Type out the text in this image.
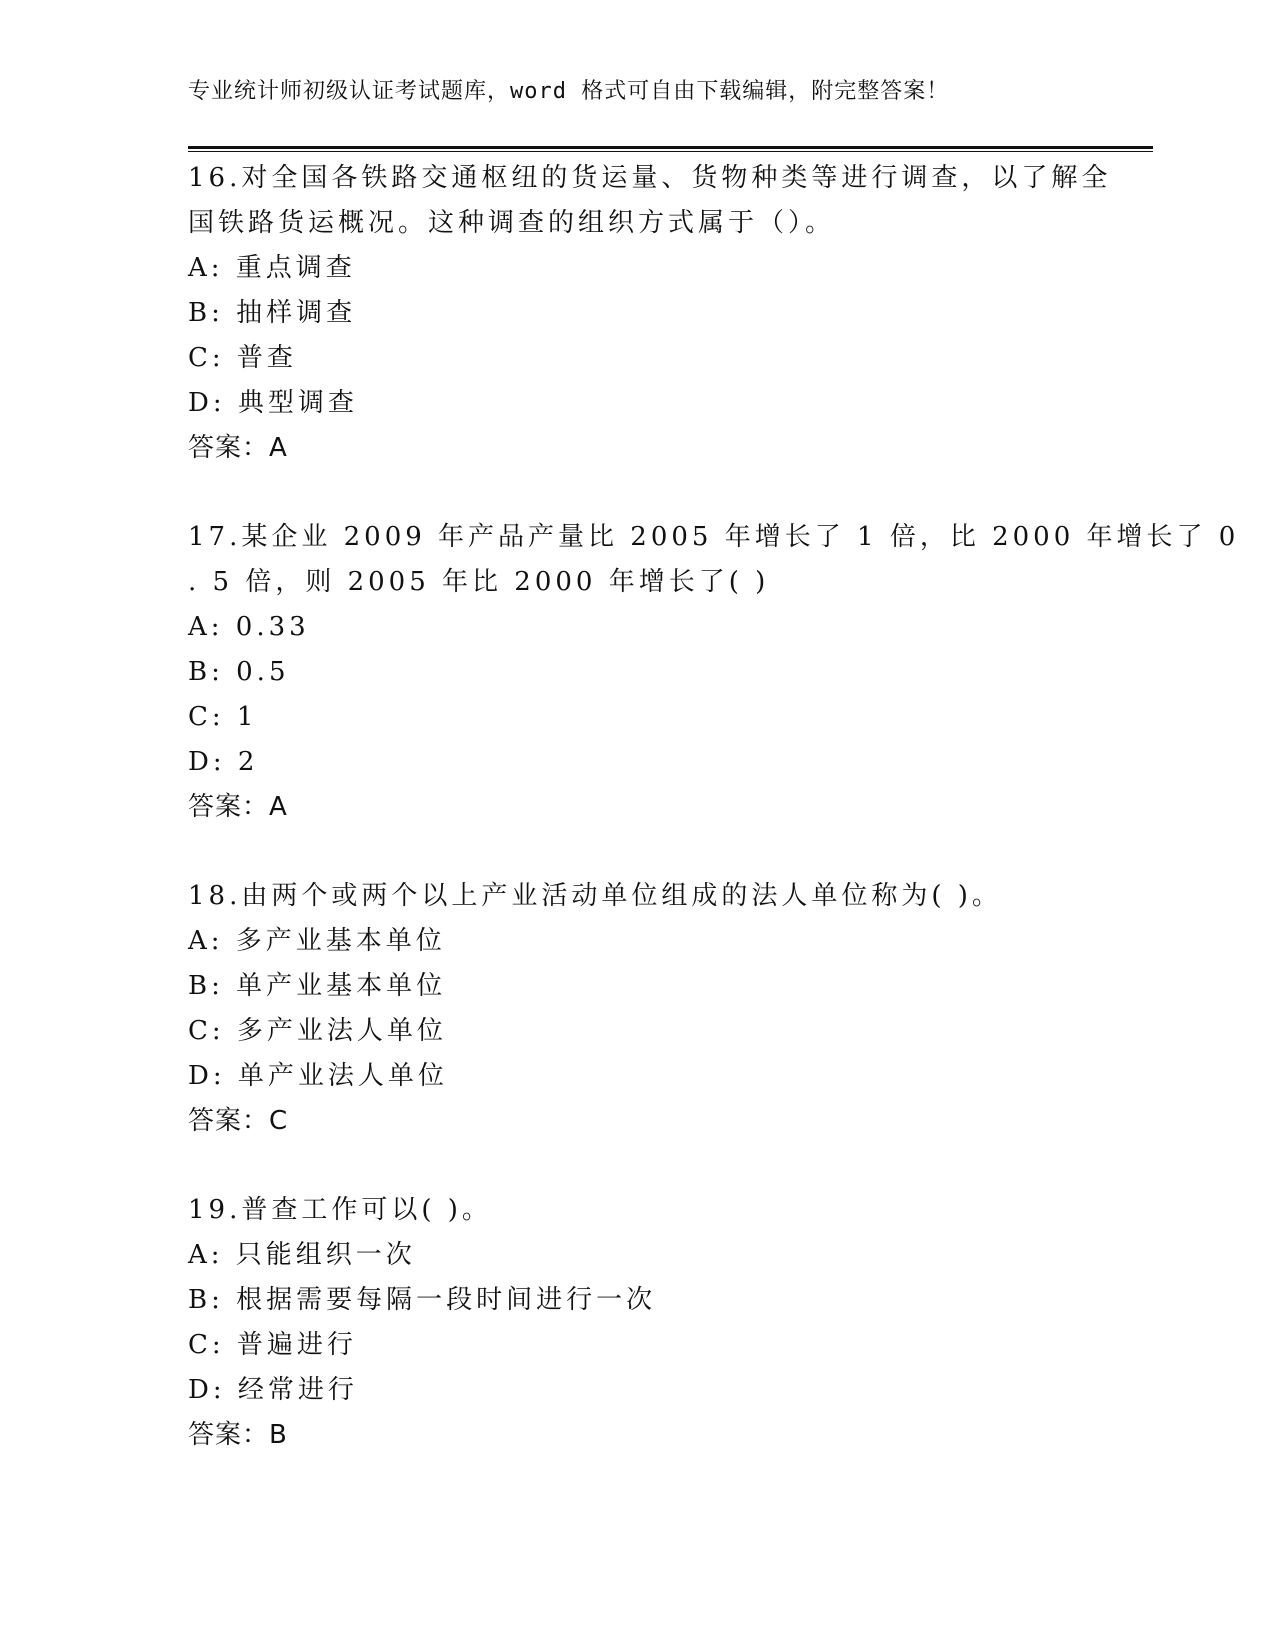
专业统计师初级认证考试题库，word 格式可自由下载编辑，附完整答案！
16.对全国各铁路交通枢纽的货运量、货物种类等进行调查，以了解全
国铁路货运概况。这种调查的组织方式属于（）。
A: 重点调查
B: 抽样调查
C: 普查
D: 典型调查
答案：A
17.某企业 2009 年产品产量比 2005 年增长了 1 倍，比 2000 年增长了 0
. 5 倍，则 2005 年比 2000 年增长了( )
A: 0.33
B: 0.5
C: 1
D: 2
答案：A
18.由两个或两个以上产业活动单位组成的法人单位称为( )。
A: 多产业基本单位
B: 单产业基本单位
C: 多产业法人单位
D: 单产业法人单位
答案：C
19.普查工作可以( )。
A: 只能组织一次
B: 根据需要每隔一段时间进行一次
C: 普遍进行
D: 经常进行
答案：B
